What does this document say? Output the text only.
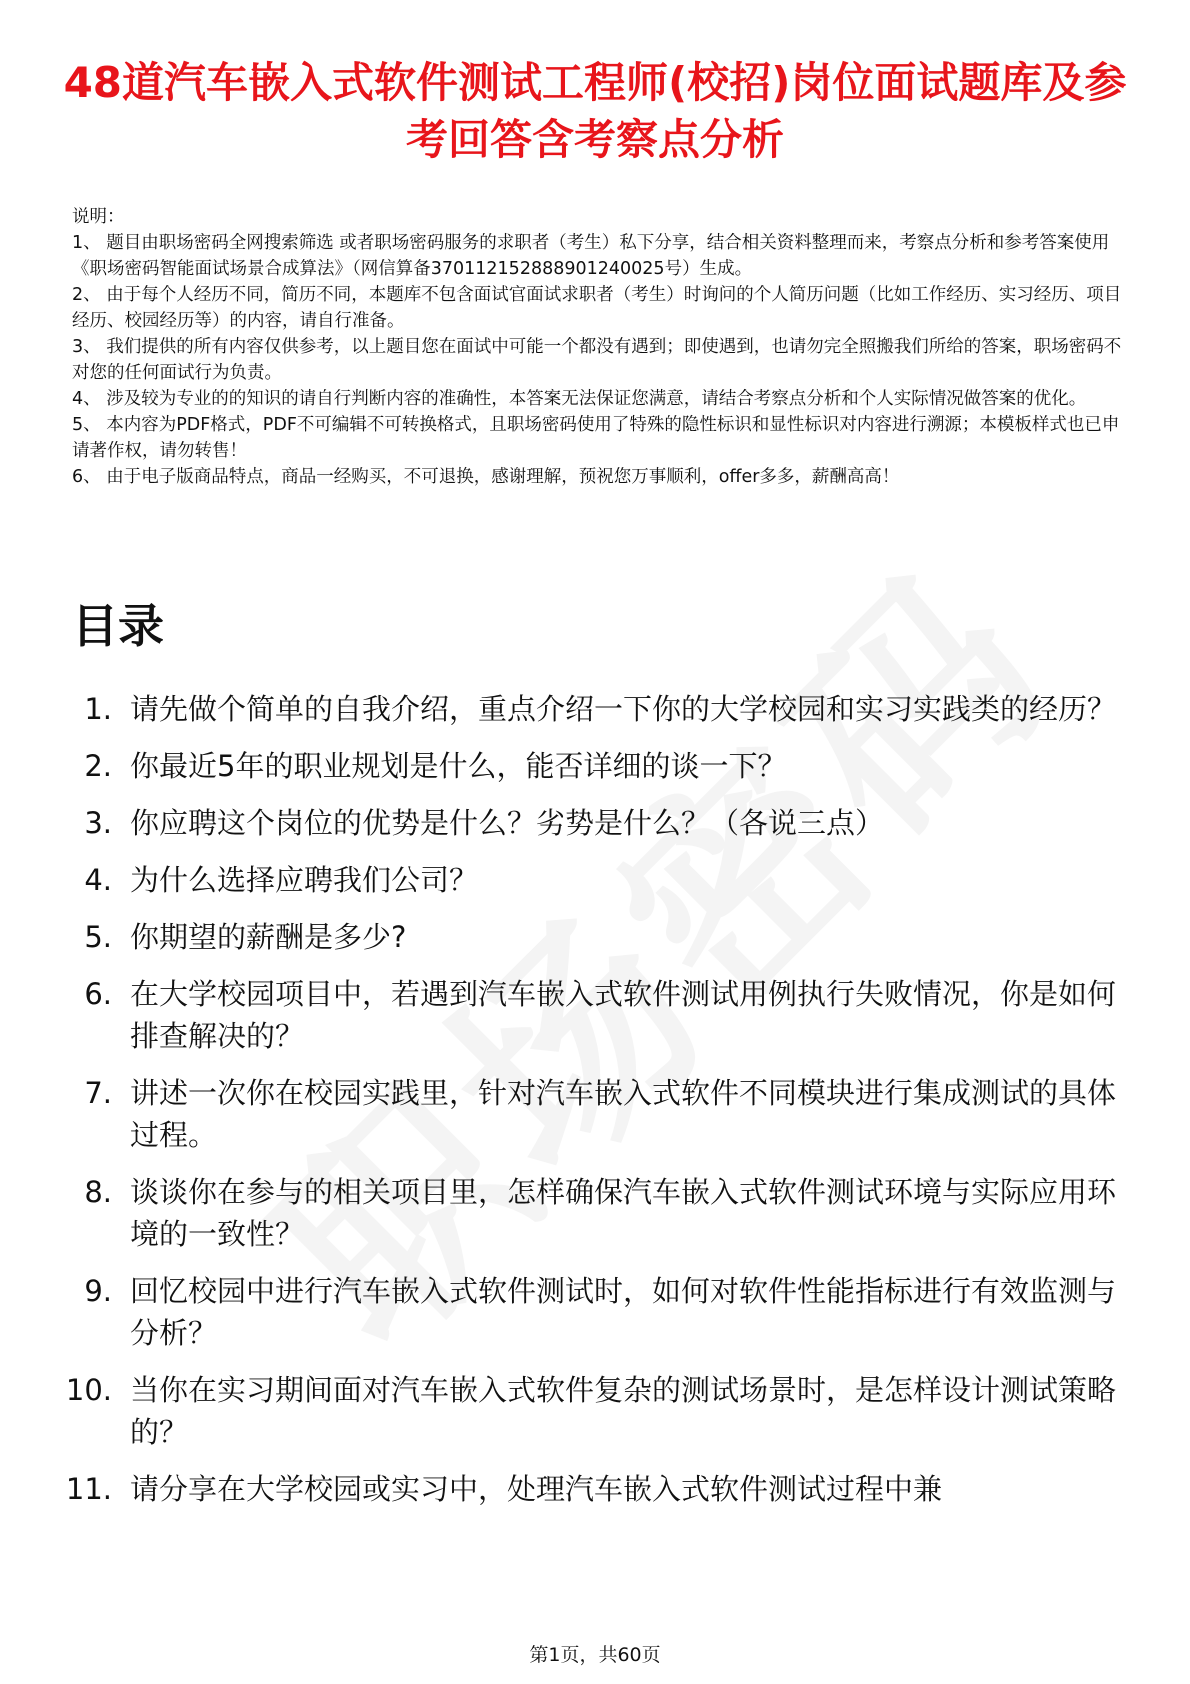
48道汽车嵌入式软件测试工程师(校招)岗位面试题库及参考回答含考察点分析

说明：

1、 题目由职场密码全网搜索筛选 或者职场密码服务的求职者（考生）私下分享，结合相关资料整理而来，考察点分析和参考答案使用《职场密码智能面试场景合成算法》（网信算备370112152888901240025号）生成。

2、 由于每个人经历不同，简历不同，本题库不包含面试官面试求职者（考生）时询问的个人简历问题（比如工作经历、实习经历、项目经历、校园经历等）的内容，请自行准备。

3、 我们提供的所有内容仅供参考，以上题目您在面试中可能一个都没有遇到；即使遇到，也请勿完全照搬我们所给的答案，职场密码不对您的任何面试行为负责。

4、 涉及较为专业的的知识的请自行判断内容的准确性，本答案无法保证您满意，请结合考察点分析和个人实际情况做答案的优化。

5、 本内容为PDF格式，PDF不可编辑不可转换格式，且职场密码使用了特殊的隐性标识和显性标识对内容进行溯源；本模板样式也已申请著作权，请勿转售！

6、 由于电子版商品特点，商品一经购买，不可退换，感谢理解，预祝您万事顺利，offer多多，薪酬高高！

目录
1. 请先做个简单的自我介绍，重点介绍一下你的大学校园和实习实践类的经历？
2. 你最近5年的职业规划是什么，能否详细的谈一下？
3. 你应聘这个岗位的优势是什么？劣势是什么？（各说三点）
4. 为什么选择应聘我们公司？
5. 你期望的薪酬是多少?
6. 在大学校园项目中，若遇到汽车嵌入式软件测试用例执行失败情况，你是如何排查解决的？
7. 讲述一次你在校园实践里，针对汽车嵌入式软件不同模块进行集成测试的具体过程。
8. 谈谈你在参与的相关项目里，怎样确保汽车嵌入式软件测试环境与实际应用环境的一致性？
9. 回忆校园中进行汽车嵌入式软件测试时，如何对软件性能指标进行有效监测与分析？
10. 当你在实习期间面对汽车嵌入式软件复杂的测试场景时，是怎样设计测试策略的？
11. 请分享在大学校园或实习中，处理汽车嵌入式软件测试过程中兼
第1页，共60页
